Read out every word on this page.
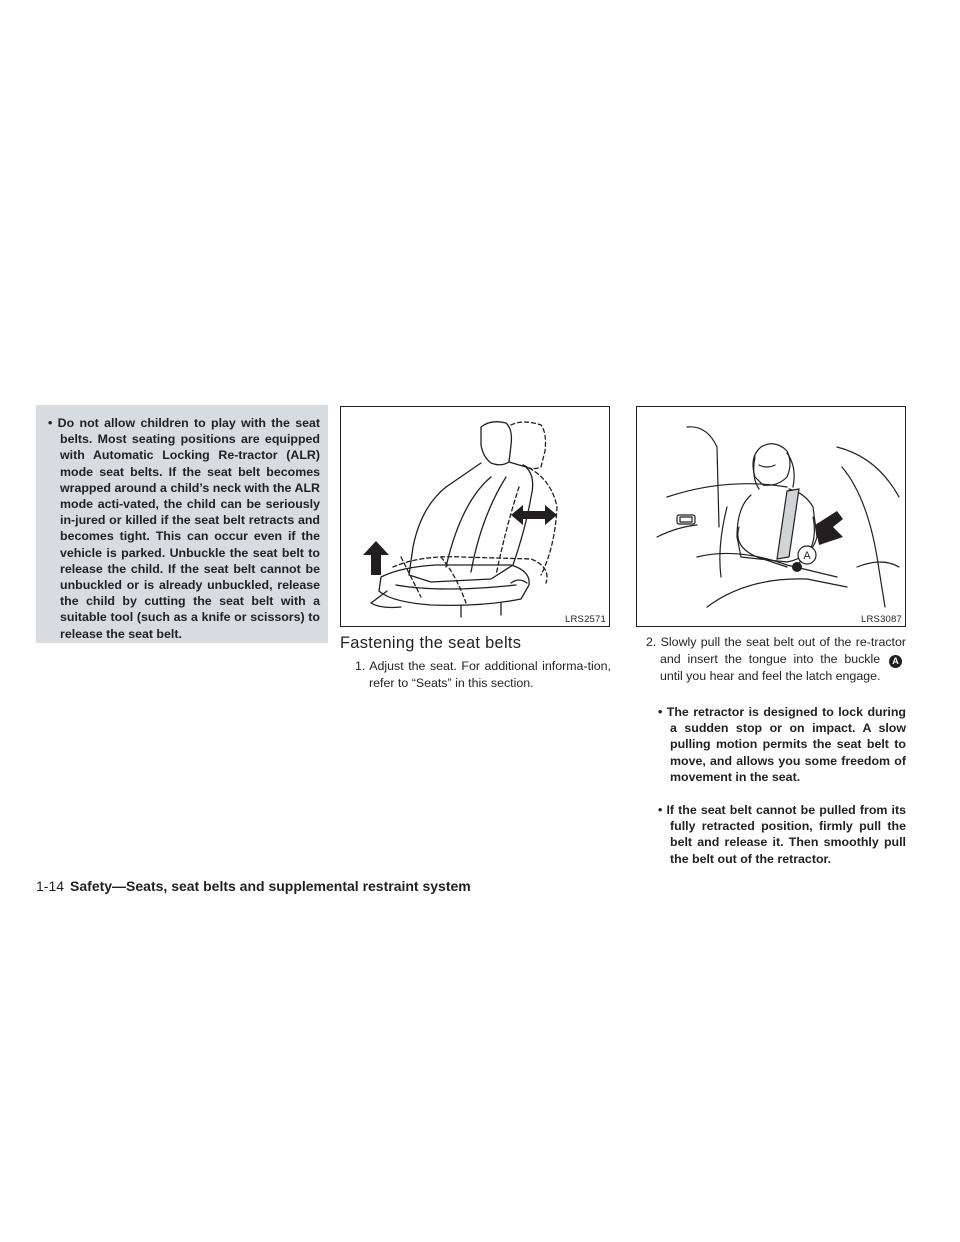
• Do not allow children to play with the seat belts. Most seating positions are equipped with Automatic Locking Re-tractor (ALR) mode seat belts. If the seat belt becomes wrapped around a child’s neck with the ALR mode acti-vated, the child can be seriously in-jured or killed if the seat belt retracts and becomes tight. This can occur even if the vehicle is parked. Unbuckle the seat belt to release the child. If the seat belt cannot be unbuckled or is already unbuckled, release the child by cutting the seat belt with a suitable tool (such as a knife or scissors) to release the seat belt.
LRS2571
A
LRS3087
Fastening the seat belts
1. Adjust the seat. For additional informa-tion, refer to “Seats” in this section.
2. Slowly pull the seat belt out of the re-tractor and insert the tongue into the buckle A until you hear and feel the latch engage.
• The retractor is designed to lock during a sudden stop or on impact. A slow pulling motion permits the seat belt to move, and allows you some freedom of movement in the seat.
• If the seat belt cannot be pulled from its fully retracted position, firmly pull the belt and release it. Then smoothly pull the belt out of the retractor.
1-14 Safety—Seats, seat belts and supplemental restraint system
